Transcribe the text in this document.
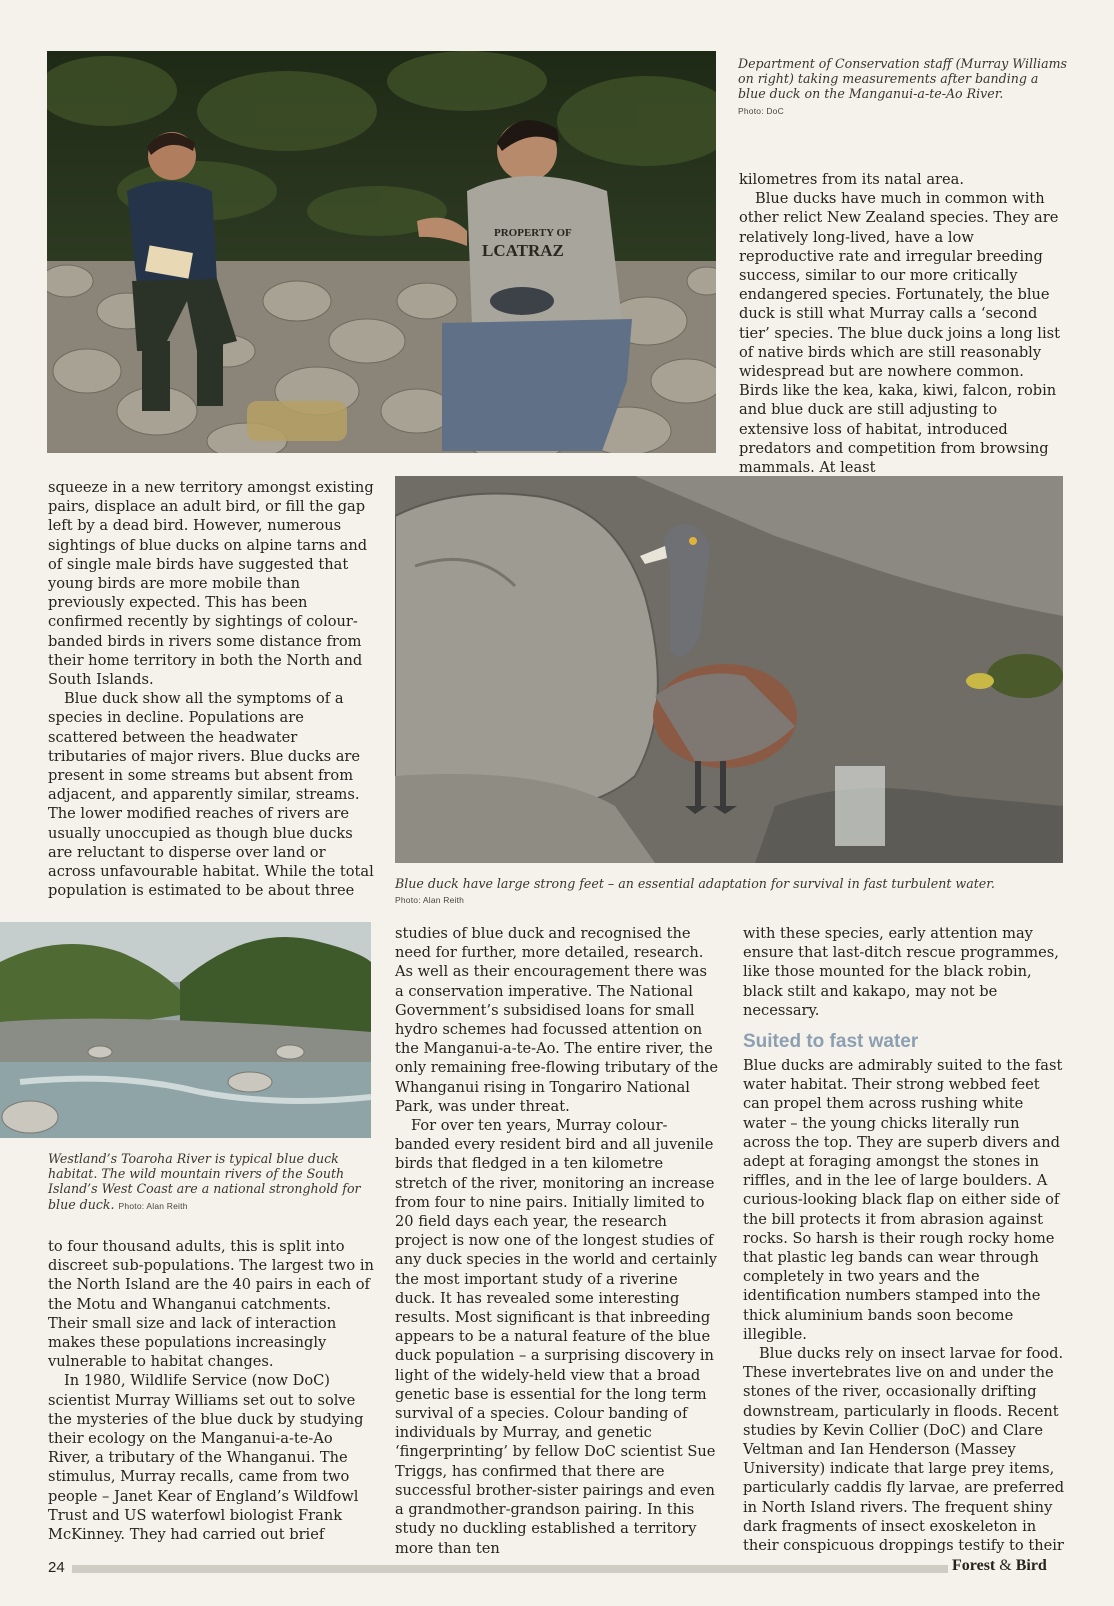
PROPERTY OF
LCATRAZ
Department of Conservation staff (Murray Williams on right) taking measurements after banding a blue duck on the Manganui-a-te-Ao River.
Photo: DoC

kilometres from its natal area.

Blue ducks have much in common with other relict New Zealand species. They are relatively long-lived, have a low reproductive rate and irregular breeding success, similar to our more critically endangered species. Fortunately, the blue duck is still what Murray calls a ‘second tier’ species. The blue duck joins a long list of native birds which are still reasonably widespread but are nowhere common. Birds like the kea, kaka, kiwi, falcon, robin and blue duck are still adjusting to extensive loss of habitat, introduced predators and competition from browsing mammals. At least

squeeze in a new territory amongst existing pairs, displace an adult bird, or fill the gap left by a dead bird. However, numerous sightings of blue ducks on alpine tarns and of single male birds have suggested that young birds are more mobile than previously expected. This has been confirmed recently by sightings of colour-banded birds in rivers some distance from their home territory in both the North and South Islands.

Blue duck show all the symptoms of a species in decline. Populations are scattered between the headwater tributaries of major rivers. Blue ducks are present in some streams but absent from adjacent, and apparently similar, streams. The lower modified reaches of rivers are usually unoccupied as though blue ducks are reluctant to disperse over land or across unfavourable habitat. While the total population is estimated to be about three	Blue duck have large strong feet – an essential adaptation for survival in fast turbulent water.
Photo: Alan Reith
Westland’s Toaroha River is typical blue duck habitat. The wild mountain rivers of the South Island’s West Coast are a national stronghold for blue duck. Photo: Alan Reith

to four thousand adults, this is split into discreet sub-populations. The largest two in the North Island are the 40 pairs in each of the Motu and Whanganui catchments. Their small size and lack of interaction makes these populations increasingly vulnerable to habitat changes.

In 1980, Wildlife Service (now DoC) scientist Murray Williams set out to solve the mysteries of the blue duck by studying their ecology on the Manganui-a-te-Ao River, a tributary of the Whanganui. The stimulus, Murray recalls, came from two people – Janet Kear of England’s Wildfowl Trust and US waterfowl biologist Frank McKinney. They had carried out brief

studies of blue duck and recognised the need for further, more detailed, research. As well as their encouragement there was a conservation imperative. The National Government’s subsidised loans for small hydro schemes had focussed attention on the Manganui-a-te-Ao. The entire river, the only remaining free-flowing tributary of the Whanganui rising in Tongariro National Park, was under threat.

For over ten years, Murray colour-banded every resident bird and all juvenile birds that fledged in a ten kilometre stretch of the river, monitoring an increase from four to nine pairs. Initially limited to 20 field days each year, the research project is now one of the longest studies of any duck species in the world and certainly the most important study of a riverine duck. It has revealed some interesting results. Most significant is that inbreeding appears to be a natural feature of the blue duck population – a surprising discovery in light of the widely-held view that a broad genetic base is essential for the long term survival of a species. Colour banding of individuals by Murray, and genetic ‘fingerprinting’ by fellow DoC scientist Sue Triggs, has confirmed that there are successful brother-sister pairings and even a grandmother-grandson pairing. In this study no duckling established a territory more than ten

with these species, early attention may ensure that last-ditch rescue programmes, like those mounted for the black robin, black stilt and kakapo, may not be necessary.

Suited to fast water

Blue ducks are admirably suited to the fast water habitat. Their strong webbed feet can propel them across rushing white water – the young chicks literally run across the top. They are superb divers and adept at foraging amongst the stones in riffles, and in the lee of large boulders. A curious-looking black flap on either side of the bill protects it from abrasion against rocks. So harsh is their rough rocky home that plastic leg bands can wear through completely in two years and the identification numbers stamped into the thick aluminium bands soon become illegible.

Blue ducks rely on insect larvae for food. These invertebrates live on and under the stones of the river, occasionally drifting downstream, particularly in floods. Recent studies by Kevin Collier (DoC) and Clare Veltman and Ian Henderson (Massey University) indicate that large prey items, particularly caddis fly larvae, are preferred in North Island rivers. The frequent shiny dark fragments of insect exoskeleton in their conspicuous droppings testify to their

24	Forest & Bird
